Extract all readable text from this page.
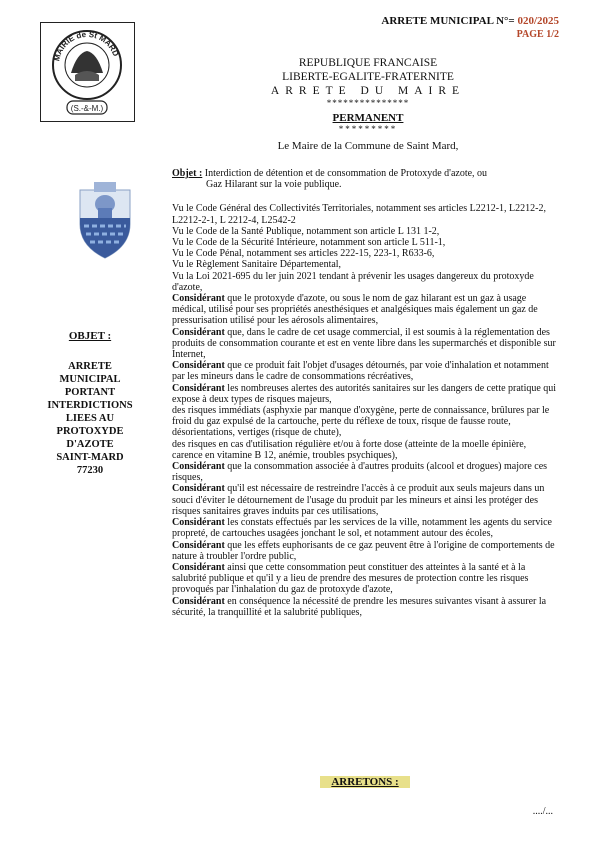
ARRETE MUNICIPAL N°= 020/2025
PAGE 1/2
MAIRIE de St MARD
(S.-&-M.)
REPUBLIQUE FRANCAISE
LIBERTE-EGALITE-FRATERNITE
ARRETE DU MAIRE
***************
PERMANENT
*********
Le Maire de la Commune de Saint Mard,
OBJET :
ARRETE
MUNICIPAL
PORTANT
INTERDICTIONS
LIEES AU
PROTOXYDE
D'AZOTE
SAINT-MARD
77230

Objet : Interdiction de détention et de consommation de Protoxyde d'azote, ou
Gaz Hilarant sur la voie publique.

Vu le Code Général des Collectivités Territoriales, notamment ses articles L2212-1, L2212-2, L2212-2-1, L 2212-4, L2542-2

Vu le Code de la Santé Publique, notamment son article L 131 1-2,

Vu le Code de la Sécurité Intérieure, notamment son article L 511-1,

Vu le Code Pénal, notamment ses articles 222-15, 223-1, R633-6,

Vu le Règlement Sanitaire Départemental,

Vu la Loi 2021-695 du ler juin 2021 tendant à prévenir les usages dangereux du protoxyde d'azote,

Considérant que le protoxyde d'azote, ou sous le nom de gaz hilarant est un gaz à usage médical, utilisé pour ses propriétés anesthésiques et analgésiques mais également un gaz de pressurisation utilisé pour les aérosols alimentaires,

Considérant que, dans le cadre de cet usage commercial, il est soumis à la réglementation des produits de consommation courante et est en vente libre dans les supermarchés et disponible sur Internet,

Considérant que ce produit fait l'objet d'usages détournés, par voie d'inhalation et notamment par les mineurs dans le cadre de consommations récréatives,

Considérant les nombreuses alertes des autorités sanitaires sur les dangers de cette pratique qui expose à deux types de risques majeurs,

des risques immédiats (asphyxie par manque d'oxygène, perte de connaissance, brûlures par le froid du gaz expulsé de la cartouche, perte du réflexe de toux, risque de fausse route, désorientations, vertiges (risque de chute),

des risques en cas d'utilisation régulière et/ou à forte dose (atteinte de la moelle épinière, carence en vitamine B 12, anémie, troubles psychiques),

Considérant que la consommation associée à d'autres produits (alcool et drogues) majore ces risques,

Considérant qu'il est nécessaire de restreindre l'accès à ce produit aux seuls majeurs dans un souci d'éviter le détournement de l'usage du produit par les mineurs et ainsi les protéger des risques sanitaires graves induits par ces utilisations,

Considérant les constats effectués par les services de la ville, notamment les agents du service propreté, de cartouches usagées jonchant le sol, et notamment autour des écoles,

Considérant que les effets euphorisants de ce gaz peuvent être à l'origine de comportements de nature à troubler l'ordre public,

Considérant ainsi que cette consommation peut constituer des atteintes à la santé et à la salubrité publique et qu'il y a lieu de prendre des mesures de protection contre les risques provoqués par l'inhalation du gaz de protoxyde d'azote,

Considérant en conséquence la nécessité de prendre les mesures suivantes visant à assurer la sécurité, la tranquillité et la salubrité publiques,

ARRETONS :
..../...
